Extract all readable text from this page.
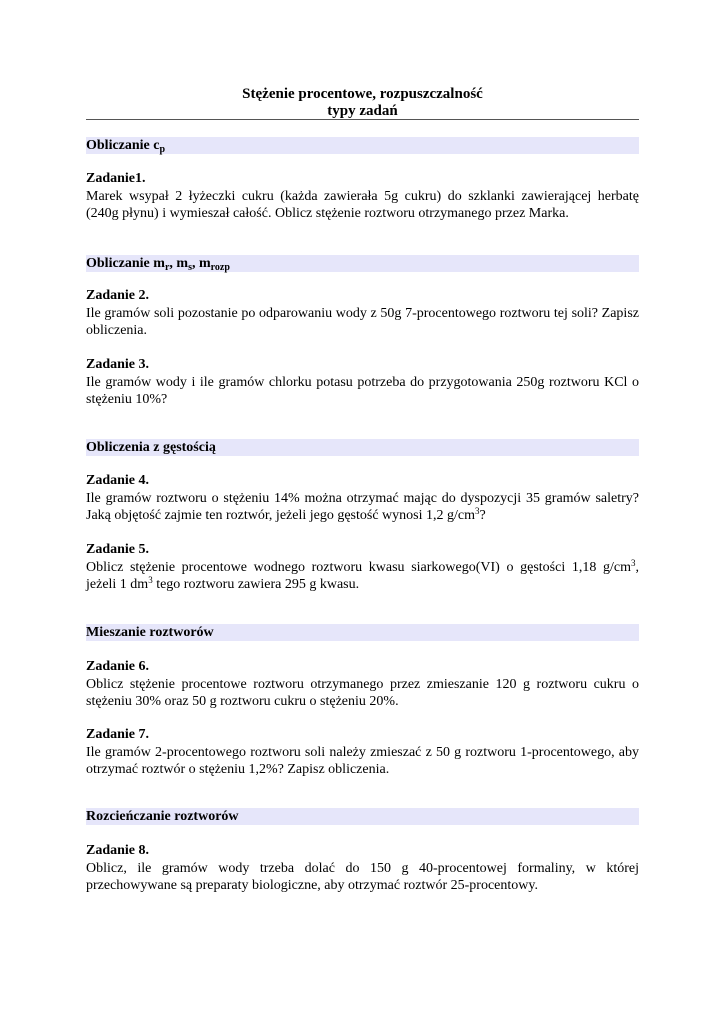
Stężenie procentowe, rozpuszczalność
typy zadań
Obliczanie $c_p$
Zadanie1.
Marek wsypał 2 łyżeczki cukru (każda zawierała 5g cukru) do szklanki zawierającej herbatę (240g płynu) i wymieszał całość. Oblicz stężenie roztworu otrzymanego przez Marka.
Obliczanie $m_r$, $m_s$, $m_{rozp}$
Zadanie 2.
Ile gramów soli pozostanie po odparowaniu wody z 50g 7-procentowego roztworu tej soli? Zapisz obliczenia.
Zadanie 3.
Ile gramów wody i ile gramów chlorku potasu potrzeba do przygotowania 250g roztworu KCl o stężeniu 10%?
Obliczenia z gęstością
Zadanie 4.
Ile gramów roztworu o stężeniu 14% można otrzymać mając do dyspozycji 35 gramów saletry? Jaką objętość zajmie ten roztwór, jeżeli jego gęstość wynosi 1,2 $g/cm^3$?
Zadanie 5.
Oblicz stężenie procentowe wodnego roztworu kwasu siarkowego(VI) o gęstości 1,18 $g/cm^3$, jeżeli 1 $dm^3$ tego roztworu zawiera 295 g kwasu.
Mieszanie roztworów
Zadanie 6.
Oblicz stężenie procentowe roztworu otrzymanego przez zmieszanie 120 g roztworu cukru o stężeniu 30% oraz 50 g roztworu cukru o stężeniu 20%.
Zadanie 7.
Ile gramów 2-procentowego roztworu soli należy zmieszać z 50 g roztworu 1-procentowego, aby otrzymać roztwór o stężeniu 1,2%? Zapisz obliczenia.
Rozcieńczanie roztworów
Zadanie 8.
Oblicz, ile gramów wody trzeba dolać do 150 g 40-procentowej formaliny, w której przechowywane są preparaty biologiczne, aby otrzymać roztwór 25-procentowy.
